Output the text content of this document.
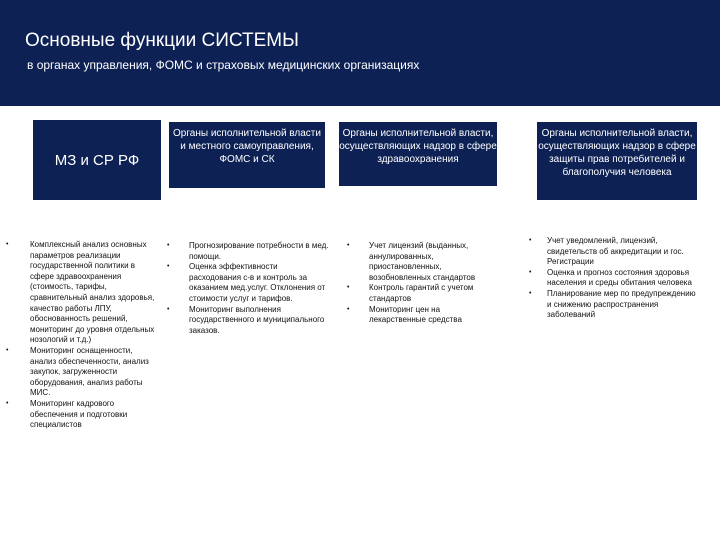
Основные функции СИСТЕМЫ
в органах управления, ФОМС и страховых медицинских организациях
МЗ и СР РФ
Органы исполнительной власти и местного самоуправления, ФОМС и СК
Органы исполнительной власти, осуществляющих надзор в сфере здравоохранения
Органы исполнительной власти, осуществляющих надзор в сфере защиты прав потребителей и благополучия человека
• Комплексный анализ основных параметров реализации государственной политики в сфере здравоохранения (стоимость, тарифы, сравнительный анализ здоровья, качество работы ЛПУ, обоснованность решений, мониторинг до уровня отдельных нозологий и т.д.)
• Мониторинг оснащенности, анализ обеспеченности, анализ закупок, загруженности оборудования, анализ работы МИС.
• Мониторинг кадрового обеспечения и подготовки специалистов
• Прогнозирование потребности в мед. помощи.
• Оценка эффективности расходования с-в и контроль за оказанием мед.услуг. Отклонения от стоимости услуг и тарифов.
• Мониторинг выполнения государственного и муниципального заказов.
• Учет лицензий (выданных, аннулированных, приостановленных, возобновленных стандартов
• Контроль гарантий с учетом стандартов
• Мониторинг цен на лекарственные средства
• Учет уведомлений, лицензий, свидетельств об аккредитации и гос. Регистрации
• Оценка и прогноз состояния здоровья населения и среды обитания человека
• Планирование мер по предупреждению и снижению распространения заболеваний
